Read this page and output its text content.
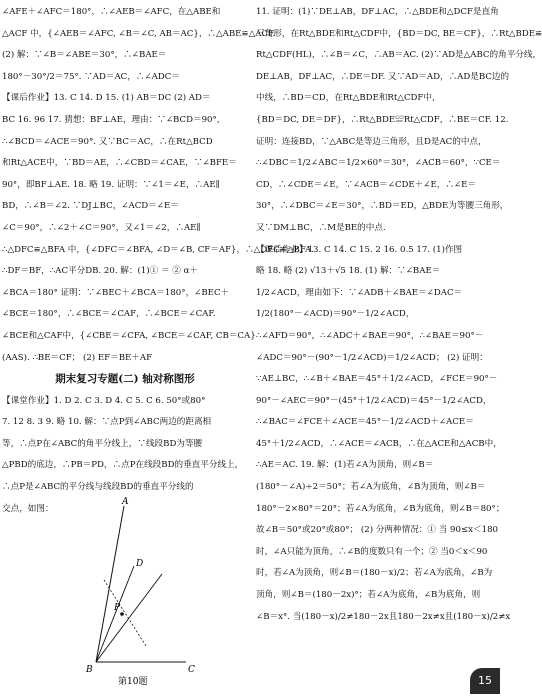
∠AFE＋∠AFC＝180°，∴∠AEB＝∠AFC，在△ABE和
△ACF 中，{∠AEB＝∠AFC, ∠B＝∠C, AB＝AC}，∴△ABE≌△ACF.
(2) 解：∵∠B＝∠ABE＝30°，∴∠BAE＝
180°－30°/2＝75°. ∵AD＝AC，∴∠ADC＝
【课后作业】13. C 14. D 15. (1) AB＝DC (2) AD＝
BC 16. 96 17. 猜想：BF⊥AE，理由：∵∠BCD＝90°，
∴∠BCD＝∠ACE＝90°. 又∵BC＝AC，∴在Rt△BCD
和Rt△ACE中，∵BD＝AE，∴∠CBD＝∠CAE，∵∠BFE＝
90°，即BF⊥AE. 18. 略 19. 证明：∵∠1＝∠E，∴AE∥
BD，∴∠B＝∠2. ∵DJ⊥BC，∠ACD＝∠E＝
∠C＝90°，∴∠2＋∠C＝90°，又∠1＝∠2，∴AE∥
∴△DFC≌△BFA 中，{∠DFC＝∠BFA, ∠D＝∠B, CF＝AF}，∴△DFC≌△BFA.
∴DF＝BF，∴AC平分DB. 20. 解：(1)① ＝ ② α＋
∠BCA＝180° 证明：∵∠BEC＋∠BCA＝180°，∠BEC＋
∠BCE＝180°，∴∠BCE＝∠CAF，∴∠BCE＝∠CAF.
∠BCE和△CAF中，{∠CBE＝∠CFA, ∠BCE＝∠CAF, CB＝CA}
(AAS). ∴BE＝CF； (2) EF＝BE＋AF
期末复习专题(二) 轴对称图形
【课堂作业】1. D 2. C 3. D 4. C 5. C 6. 50°或80°
7. 12 8. 3 9. 略 10. 解：∵点P到∠ABC两边的距离相
等，∴点P在∠ABC的角平分线上，∵线段BD为等腰
△PBD的底边，∴PB＝PD，∴点P在线段BD的垂直平分线上，
∴点P是∠ABC的平分线与线段BD的垂直平分线的
交点，如图：
A
P
D
B	C
第10题
11. 证明：(1)∵DE⊥AB，DF⊥AC，∴△BDE和△DCF是直角
三角形，在Rt△BDE和Rt△CDF中，{BD＝DC, BE＝CF}，∴Rt△BDE≌
Rt△CDF(HL)，∴∠B＝∠C，∴AB＝AC. (2)∵AD是△ABC的角平分线，
DE⊥AB，DF⊥AC，∴DE＝DF. 又∵AD＝AD，∴AD是BC边的
中线，∴BD＝CD，在Rt△BDE和Rt△CDF中，
{BD＝DC, DE＝DF}，∴Rt△BDE≌Rt△CDF，∴BE＝CF. 12.
证明：连接BD，∵△ABC是等边三角形，且D是AC的中点，
∴∠DBC＝1/2∠ABC＝1/2×60°＝30°，∠ACB＝60°，∵CE＝
CD，∴∠CDE＝∠E，∵∠ACB＝∠CDE＋∠E，∴∠E＝
30°，∴∠DBC＝∠E＝30°，∴BD＝ED，△BDE为等腰三角形，
又∵DM⊥BC，∴M是BE的中点.
【课后作业】13. C 14. C 15. 2 16. 0.5 17. (1)作图
略 18. 略 (2) √13＋√5 18. (1) 解：∵∠BAE＝
1/2∠ACD，理由如下：∵∠ADB＋∠BAE＝∠DAC＝
1/2(180°－∠ACD)＝90°－1/2∠ACD，
∴∠AFD＝90°，∴∠ADC＋∠BAE＝90°，∴∠BAE＝90°－
∠ADC＝90°－(90°－1/2∠ACD)＝1/2∠ACD； (2) 证明：
∵AE⊥BC，∴∠B＋∠BAE＝45°＋1/2∠ACD，∠FCE＝90°－
90°－∠AEC＝90°－(45°＋1/2∠ACD)＝45°－1/2∠ACD，
∴∠BAC＝∠FCE＋∠ACE＝45°－1/2∠ACD＋∠ACE＝
45°＋1/2∠ACD，∴∠ACE＝∠ACB，∴在△ACE和△ACB中，
∴AE＝AC. 19. 解：(1)若∠A为顶角，则∠B＝
(180°－∠A)÷2＝50°；若∠A为底角，∠B为顶角，则∠B＝
180°－2×80°＝20°；若∠A为底角，∠B为底角，则∠B＝80°；
故∠B＝50°或20°或80°； (2) 分两种情况：① 当 90≤x＜180
时，∠A只能为顶角，∴∠B的度数只有一个；② 当0＜x＜90
时，若∠A为顶角，则∠B＝(180－x)/2；若∠A为底角，∠B为
顶角，则∠B＝(180－2x)°；若∠A为底角，∠B为底角，则
∠B＝x°. 当(180－x)/2≠180－2x且180－2x≠x且(180－x)/2≠x
15
